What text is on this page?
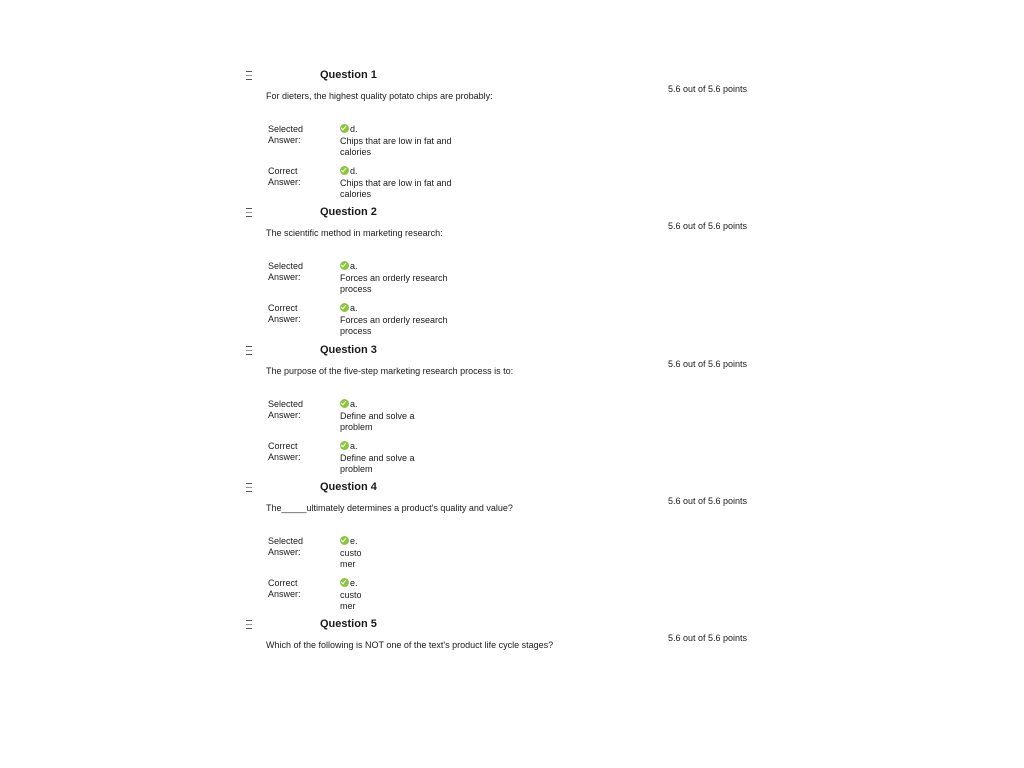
Question 1
5.6 out of 5.6 points
For dieters, the highest quality potato chips are probably:
Selected
Answer:
d.
Chips that are low in fat and
calories
Correct
Answer:
d.
Chips that are low in fat and
calories
Question 2
5.6 out of 5.6 points
The scientific method in marketing research:
Selected
Answer:
a.
Forces an orderly research
process
Correct
Answer:
a.
Forces an orderly research
process
Question 3
5.6 out of 5.6 points
The purpose of the five-step marketing research process is to:
Selected
Answer:
a.
Define and solve a
problem
Correct
Answer:
a.
Define and solve a
problem
Question 4
5.6 out of 5.6 points
The_____ultimately determines a product's quality and value?
Selected
Answer:
e.
custo
mer
Correct
Answer:
e.
custo
mer
Question 5
5.6 out of 5.6 points
Which of the following is NOT one of the text's product life cycle stages?
